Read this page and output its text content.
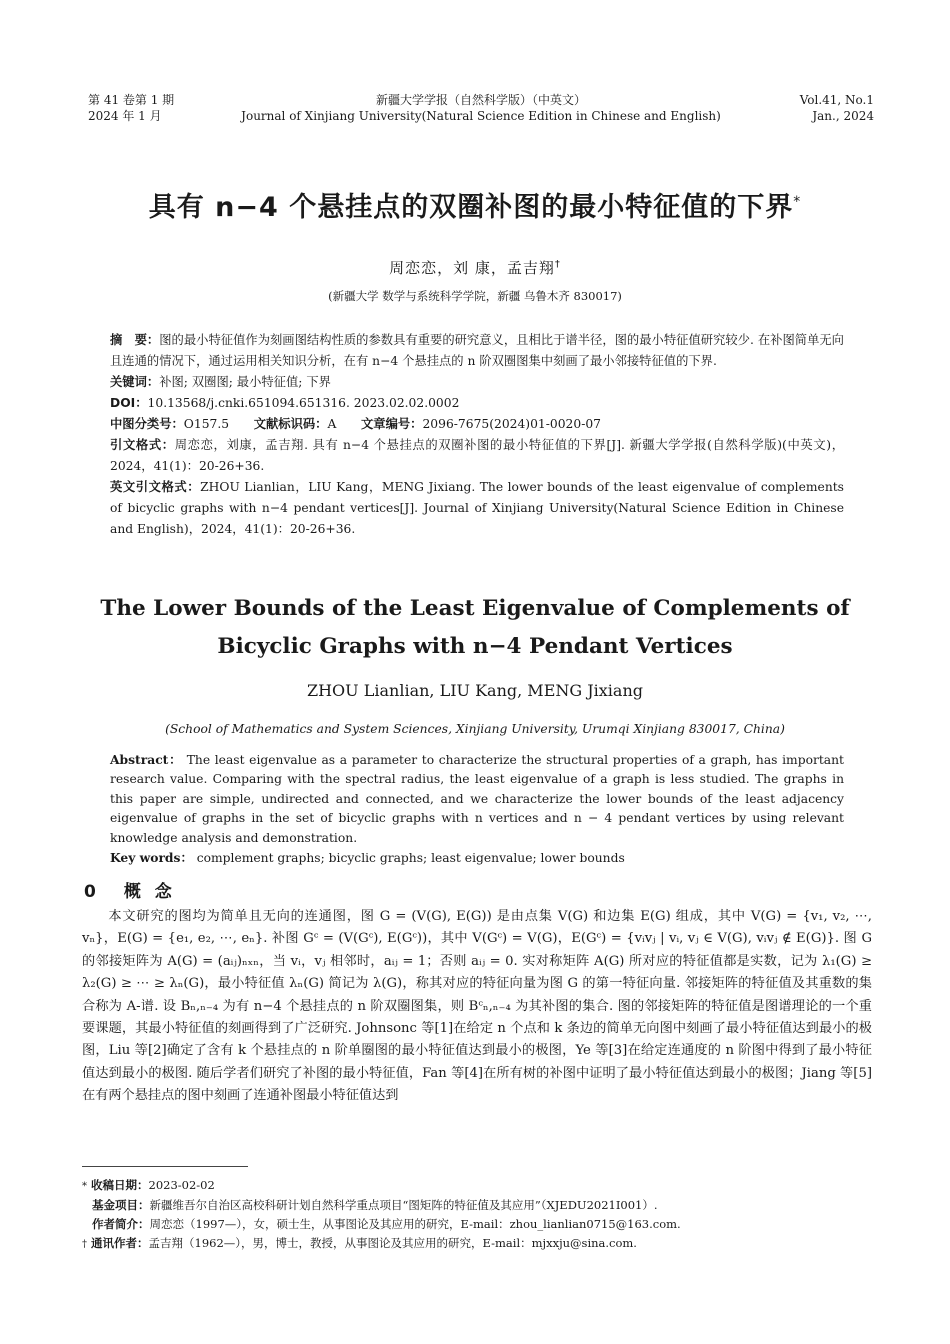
第 41 卷第 1 期
2024 年 1 月
新疆大学学报（自然科学版）（中英文）
Journal of Xinjiang University(Natural Science Edition in Chinese and English)
Vol.41, No.1
Jan., 2024
具有 n−4 个悬挂点的双圈补图的最小特征值的下界*
周恋恋，刘 康，孟吉翔†
(新疆大学 数学与系统科学学院，新疆 乌鲁木齐 830017)

摘　要：图的最小特征值作为刻画图结构性质的参数具有重要的研究意义，且相比于谱半径，图的最小特征值研究较少. 在补图简单无向且连通的情况下，通过运用相关知识分析，在有 n−4 个悬挂点的 n 阶双圈图集中刻画了最小邻接特征值的下界.

关键词：补图; 双圈图; 最小特征值; 下界

DOI：10.13568/j.cnki.651094.651316. 2023.02.02.0002

中图分类号：O157.5   文献标识码：A   文章编号：2096-7675(2024)01-0020-07

引文格式：周恋恋，刘康，孟吉翔. 具有 n−4 个悬挂点的双圈补图的最小特征值的下界[J]. 新疆大学学报(自然科学版)(中英文)，2024，41(1)：20-26+36.

英文引文格式：ZHOU Lianlian，LIU Kang，MENG Jixiang. The lower bounds of the least eigenvalue of complements of bicyclic graphs with n−4 pendant vertices[J]. Journal of Xinjiang University(Natural Science Edition in Chinese and English)，2024，41(1)：20-26+36.

The Lower Bounds of the Least Eigenvalue of Complements of Bicyclic Graphs with n−4 Pendant Vertices
ZHOU Lianlian, LIU Kang, MENG Jixiang
(School of Mathematics and System Sciences, Xinjiang University, Urumqi Xinjiang 830017, China)

Abstract： The least eigenvalue as a parameter to characterize the structural properties of a graph, has important research value. Comparing with the spectral radius, the least eigenvalue of a graph is less studied. The graphs in this paper are simple, undirected and connected, and we characterize the lower bounds of the least adjacency eigenvalue of graphs in the set of bicyclic graphs with n vertices and n − 4 pendant vertices by using relevant knowledge analysis and demonstration.

Key words： complement graphs; bicyclic graphs; least eigenvalue; lower bounds

0 概 念

本文研究的图均为简单且无向的连通图，图 G = (V(G), E(G)) 是由点集 V(G) 和边集 E(G) 组成，其中 V(G) = {v₁, v₂, ⋯, vₙ}，E(G) = {e₁, e₂, ⋯, eₙ}. 补图 Gᶜ = (V(Gᶜ), E(Gᶜ))，其中 V(Gᶜ) = V(G)，E(Gᶜ) = {vᵢvⱼ | vᵢ, vⱼ ∈ V(G), vᵢvⱼ ∉ E(G)}. 图 G 的邻接矩阵为 A(G) = (aᵢⱼ)ₙₓₙ，当 vᵢ，vⱼ 相邻时，aᵢⱼ = 1；否则 aᵢⱼ = 0. 实对称矩阵 A(G) 所对应的特征值都是实数，记为 λ₁(G) ≥ λ₂(G) ≥ ⋯ ≥ λₙ(G)，最小特征值 λₙ(G) 简记为 λ(G)，称其对应的特征向量为图 G 的第一特征向量. 邻接矩阵的特征值及其重数的集合称为 A-谱. 设 Bₙ,ₙ₋₄ 为有 n−4 个悬挂点的 n 阶双圈图集，则 Bᶜₙ,ₙ₋₄ 为其补图的集合. 图的邻接矩阵的特征值是图谱理论的一个重要课题，其最小特征值的刻画得到了广泛研究. Johnsonc 等[1]在给定 n 个点和 k 条边的简单无向图中刻画了最小特征值达到最小的极图，Liu 等[2]确定了含有 k 个悬挂点的 n 阶单圈图的最小特征值达到最小的极图，Ye 等[3]在给定连通度的 n 阶图中得到了最小特征值达到最小的极图. 随后学者们研究了补图的最小特征值，Fan 等[4]在所有树的补图中证明了最小特征值达到最小的极图；Jiang 等[5]在有两个悬挂点的图中刻画了连通补图最小特征值达到

* 收稿日期：2023-02-02

基金项目：新疆维吾尔自治区高校科研计划自然科学重点项目“图矩阵的特征值及其应用”（XJEDU2021I001）.

作者简介：周恋恋（1997—），女，硕士生，从事图论及其应用的研究，E-mail：zhou_lianlian0715@163.com.

† 通讯作者：孟吉翔（1962—），男，博士，教授，从事图论及其应用的研究，E-mail：mjxxju@sina.com.
